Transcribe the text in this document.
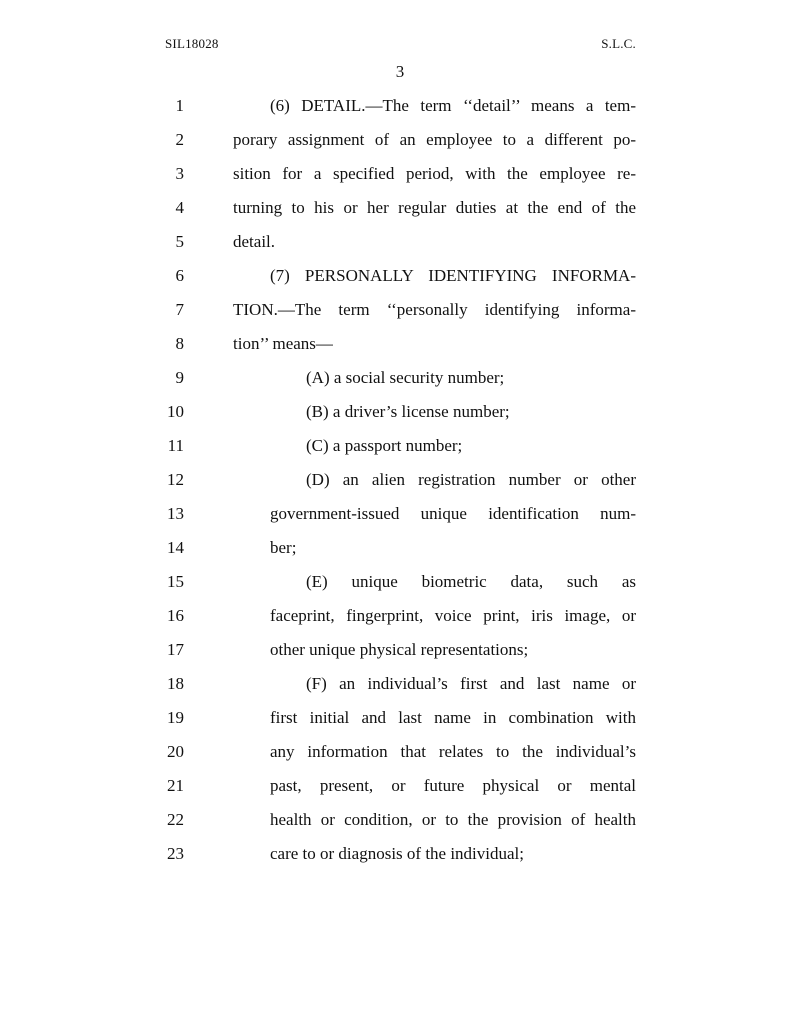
SIL18028	S.L.C.
3
1	(6) DETAIL.—The term ‘‘detail’’ means a tem-
2	porary assignment of an employee to a different po-
3	sition for a specified period, with the employee re-
4	turning to his or her regular duties at the end of the
5	detail.
6	(7) PERSONALLY IDENTIFYING INFORMA-
7	TION.—The term ‘‘personally identifying informa-
8	tion’’ means—
9	(A) a social security number;
10	(B) a driver’s license number;
11	(C) a passport number;
12	(D) an alien registration number or other
13	government-issued unique identification num-
14	ber;
15	(E) unique biometric data, such as
16	faceprint, fingerprint, voice print, iris image, or
17	other unique physical representations;
18	(F) an individual’s first and last name or
19	first initial and last name in combination with
20	any information that relates to the individual’s
21	past, present, or future physical or mental
22	health or condition, or to the provision of health
23	care to or diagnosis of the individual;
